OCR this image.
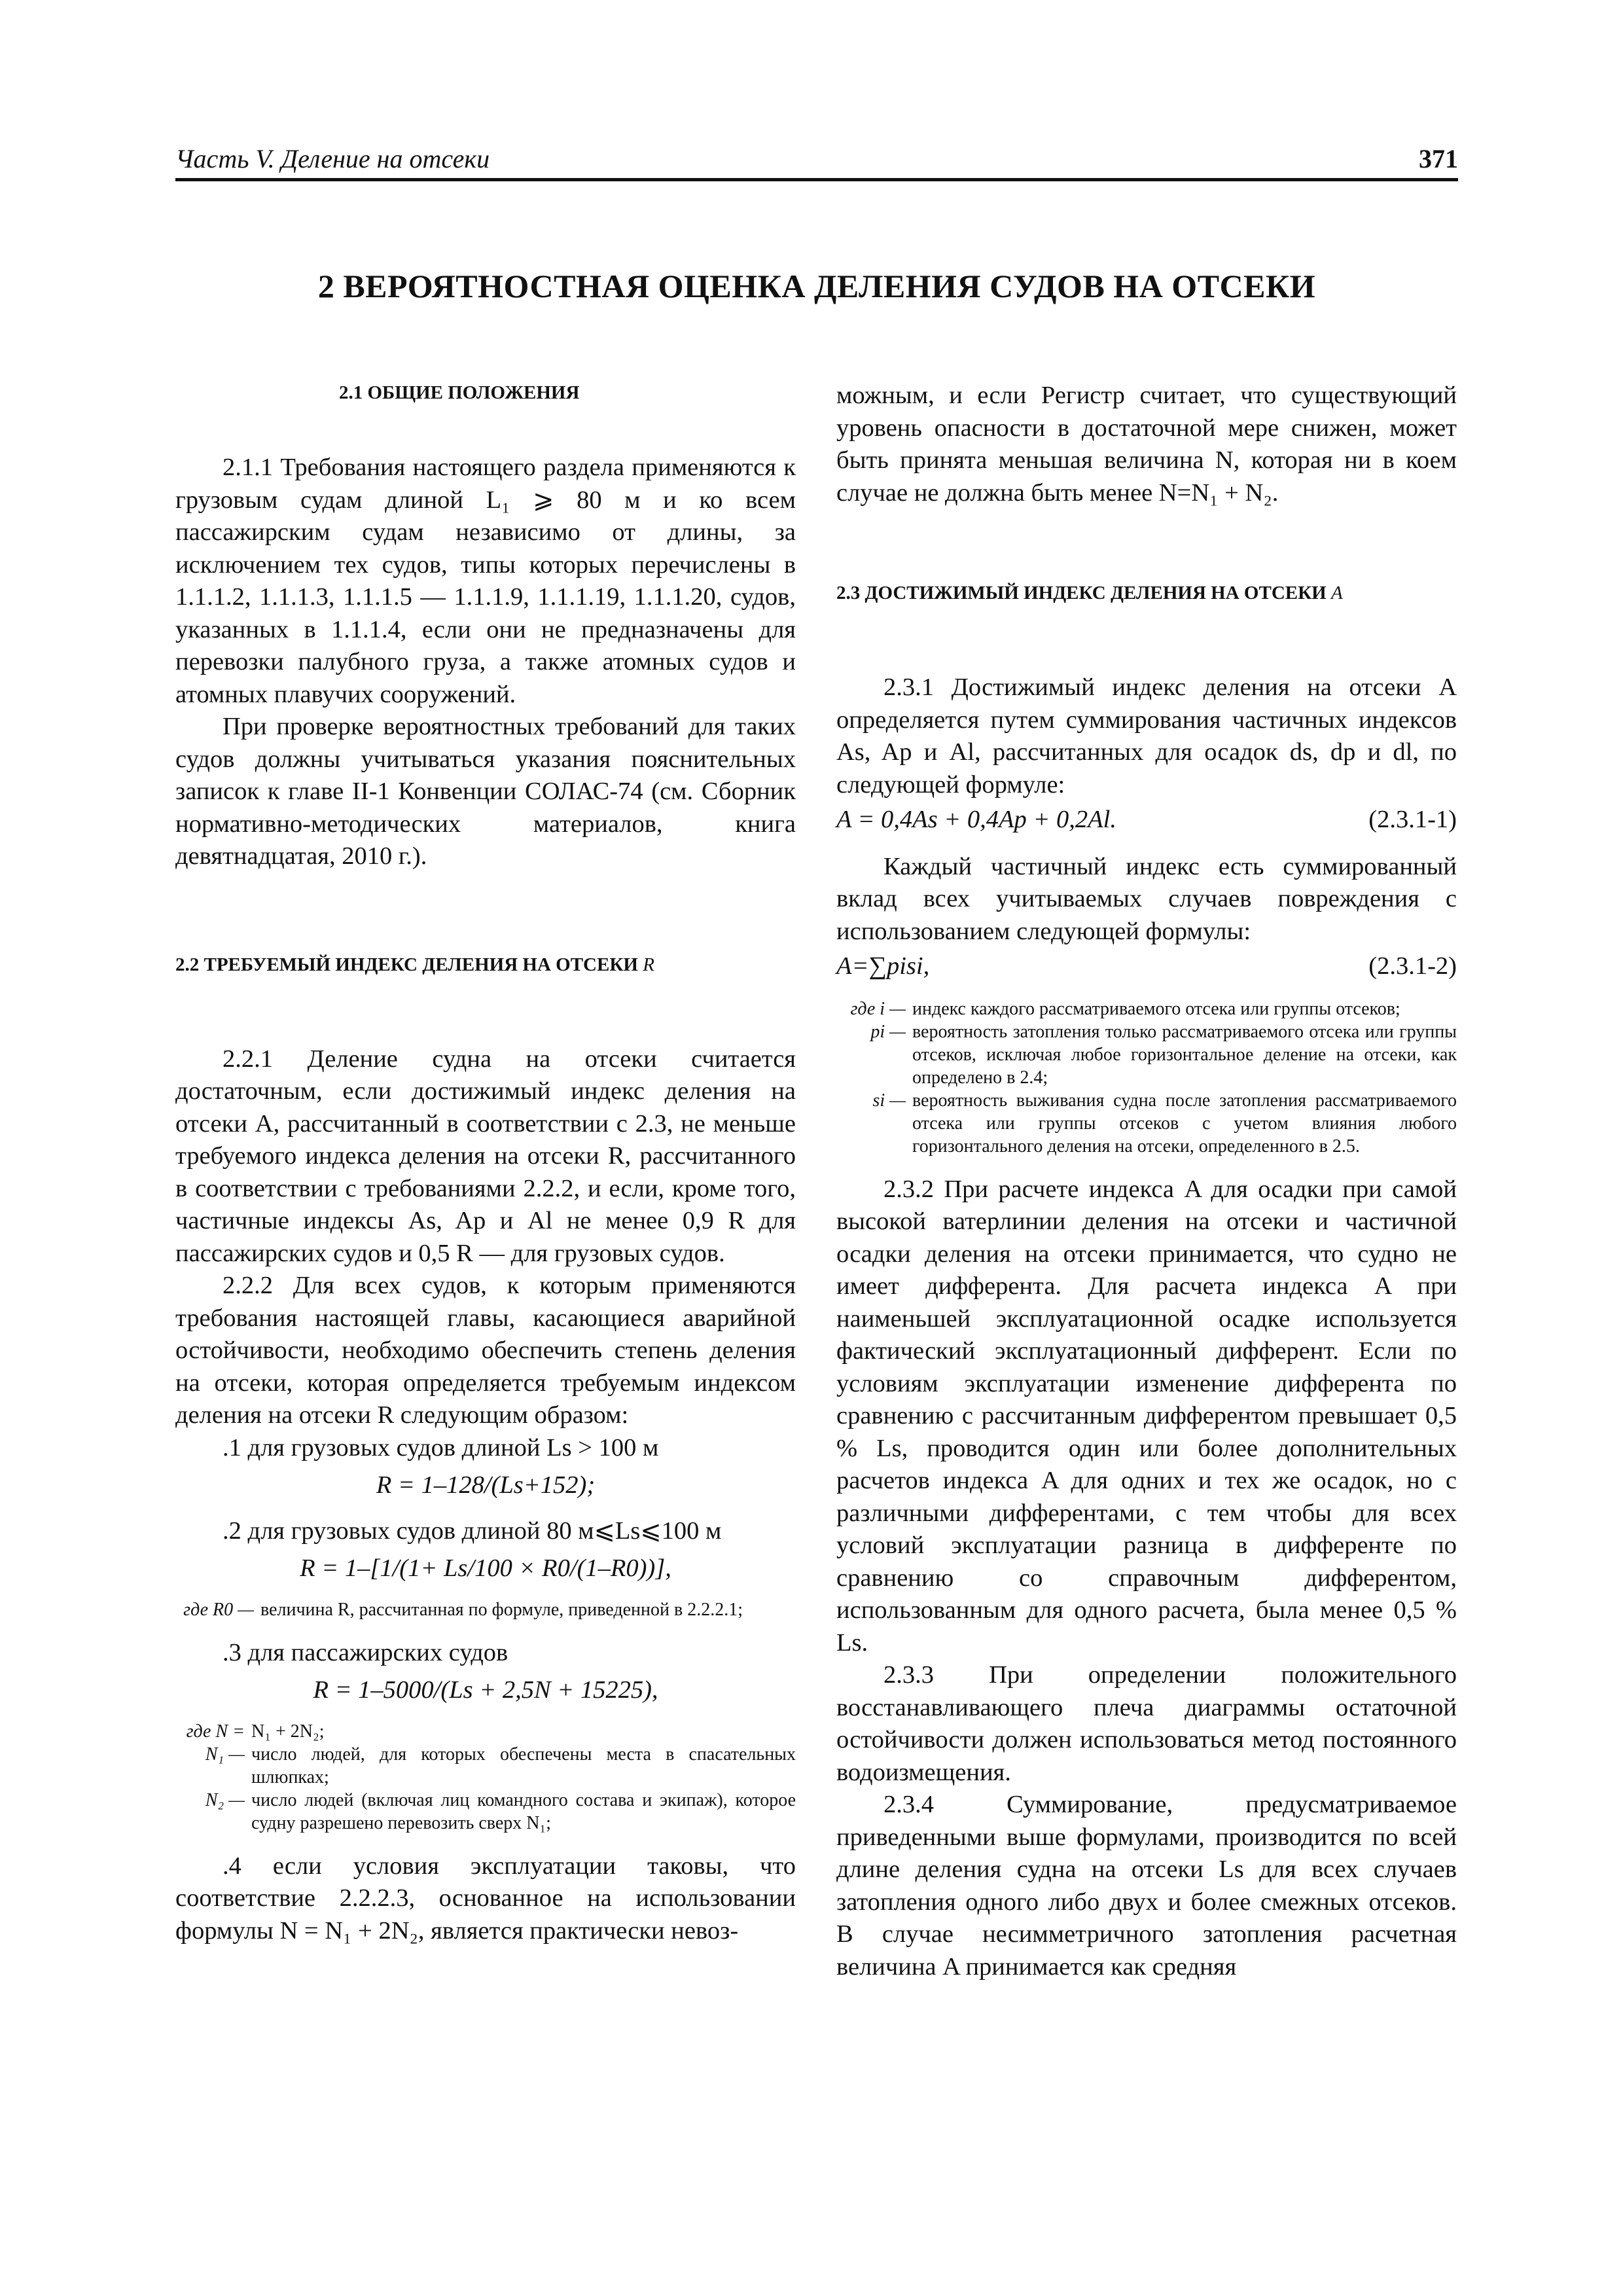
Часть V. Деление на отсеки	371
2 ВЕРОЯТНОСТНАЯ ОЦЕНКА ДЕЛЕНИЯ СУДОВ НА ОТСЕКИ
2.1 ОБЩИЕ ПОЛОЖЕНИЯ

2.1.1 Требования настоящего раздела применяются к грузовым судам длиной L₁ ⩾ 80 м и ко всем пассажирским судам независимо от длины, за исключением тех судов, типы которых перечислены в 1.1.1.2, 1.1.1.3, 1.1.1.5 — 1.1.1.9, 1.1.1.19, 1.1.1.20, судов, указанных в 1.1.1.4, если они не предназначены для перевозки палубного груза, а также атомных судов и атомных плавучих сооружений.

При проверке вероятностных требований для таких судов должны учитываться указания пояснительных записок к главе II-1 Конвенции СОЛАС-74 (см. Сборник нормативно-методических материалов, книга девятнадцатая, 2010 г.).

2.2 ТРЕБУЕМЫЙ ИНДЕКС ДЕЛЕНИЯ НА ОТСЕКИ R

2.2.1 Деление судна на отсеки считается достаточным, если достижимый индекс деления на отсеки A, рассчитанный в соответствии с 2.3, не меньше требуемого индекса деления на отсеки R, рассчитанного в соответствии с требованиями 2.2.2, и если, кроме того, частичные индексы As, Ap и Al не менее 0,9 R для пассажирских судов и 0,5 R — для грузовых судов.

2.2.2 Для всех судов, к которым применяются требования настоящей главы, касающиеся аварийной остойчивости, необходимо обеспечить степень деления на отсеки, которая определяется требуемым индексом деления на отсеки R следующим образом:

.1 для грузовых судов длиной Ls > 100 м

R = 1–128/(Ls+152);

.2 для грузовых судов длиной 80 м⩽Ls⩽100 м

R = 1–[1/(1+ Ls/100 × R0/(1–R0))],
где R0 — величина R, рассчитанная по формуле, приведенной в 2.2.2.1;

.3 для пассажирских судов

R = 1–5000/(Ls + 2,5N + 15225),
где N = N₁ + 2N₂;
N₁ — число людей, для которых обеспечены места в спасательных шлюпках;
N₂ — число людей (включая лиц командного состава и экипаж), которое судну разрешено перевозить сверх N₁;

.4 если условия эксплуатации таковы, что соответствие 2.2.2.3, основанное на использовании формулы N = N₁ + 2N₂, является практически невоз-

можным, и если Регистр считает, что существующий уровень опасности в достаточной мере снижен, может быть принята меньшая величина N, которая ни в коем случае не должна быть менее N=N₁ + N₂.

2.3 ДОСТИЖИМЫЙ ИНДЕКС ДЕЛЕНИЯ НА ОТСЕКИ A

2.3.1 Достижимый индекс деления на отсеки A определяется путем суммирования частичных индексов As, Ap и Al, рассчитанных для осадок ds, dp и dl, по следующей формуле:

A = 0,4As + 0,4Ap + 0,2Al.	(2.3.1-1)

Каждый частичный индекс есть суммированный вклад всех учитываемых случаев повреждения с использованием следующей формулы:

A=∑pisi,	(2.3.1-2)
где i — индекс каждого рассматриваемого отсека или группы отсеков;
pi — вероятность затопления только рассматриваемого отсека или группы отсеков, исключая любое горизонтальное деление на отсеки, как определено в 2.4;
si — вероятность выживания судна после затопления рассматриваемого отсека или группы отсеков с учетом влияния любого горизонтального деления на отсеки, определенного в 2.5.

2.3.2 При расчете индекса A для осадки при самой высокой ватерлинии деления на отсеки и частичной осадки деления на отсеки принимается, что судно не имеет дифферента. Для расчета индекса A при наименьшей эксплуатационной осадке используется фактический эксплуатационный дифферент. Если по условиям эксплуатации изменение дифферента по сравнению с рассчитанным дифферентом превышает 0,5 % Ls, проводится один или более дополнительных расчетов индекса A для одних и тех же осадок, но с различными дифферентами, с тем чтобы для всех условий эксплуатации разница в дифференте по сравнению со справочным дифферентом, использованным для одного расчета, была менее 0,5 % Ls.

2.3.3 При определении положительного восстанавливающего плеча диаграммы остаточной остойчивости должен использоваться метод постоянного водоизмещения.

2.3.4 Суммирование, предусматриваемое приведенными выше формулами, производится по всей длине деления судна на отсеки Ls для всех случаев затопления одного либо двух и более смежных отсеков. В случае несимметричного затопления расчетная величина A принимается как средняя
